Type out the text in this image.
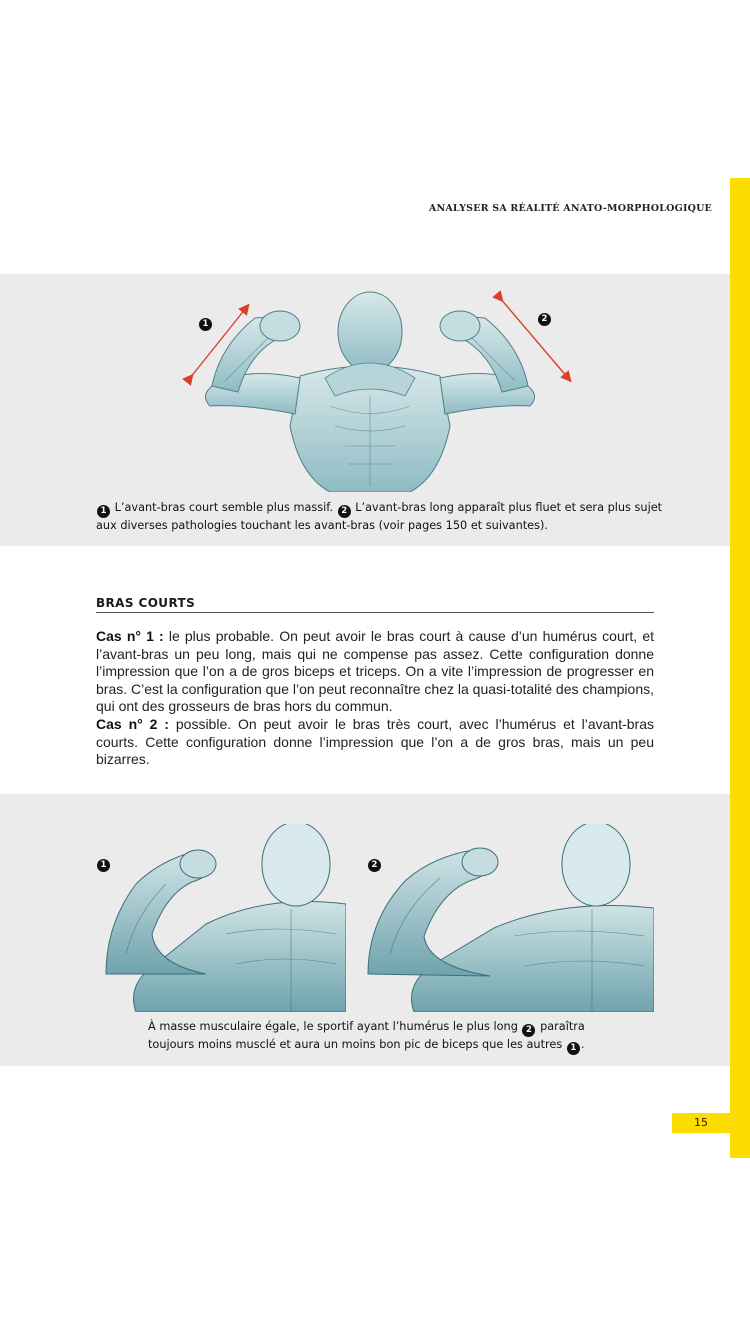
ANALYSER SA RÉALITÉ ANATO-MORPHOLOGIQUE
1	2
1 L’avant-bras court semble plus massif. 2 L’avant-bras long apparaît plus fluet et sera plus sujet aux diverses pathologies touchant les avant-bras (voir pages 150 et suivantes).
BRAS COURTS

Cas n° 1 : le plus probable. On peut avoir le bras court à cause d’un humérus court, et l’avant-bras un peu long, mais qui ne compense pas assez. Cette configuration donne l’impression que l’on a de gros biceps et triceps. On a vite l’impression de progresser en bras. C’est la configuration que l’on peut reconnaître chez la quasi-totalité des champions, qui ont des grosseurs de bras hors du commun.

Cas n° 2 : possible. On peut avoir le bras très court, avec l’humérus et l’avant-bras courts. Cette configuration donne l’impression que l’on a de gros bras, mais un peu bizarres.

1	2
À masse musculaire égale, le sportif ayant l’humérus le plus long 2 paraîtra toujours moins musclé et aura un moins bon pic de biceps que les autres 1 .
15
